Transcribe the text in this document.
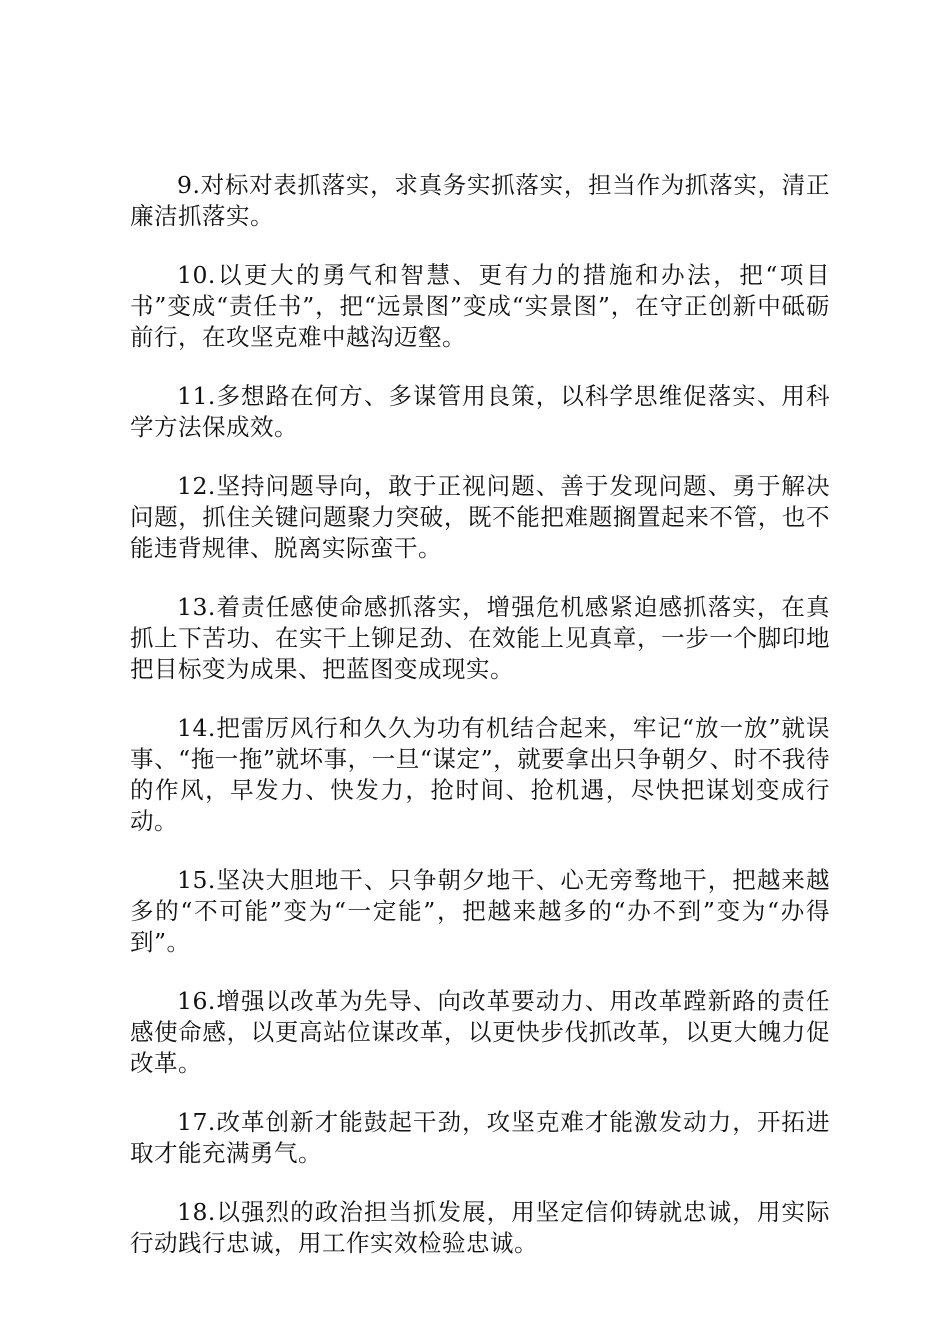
9.对标对表抓落实，求真务实抓落实，担当作为抓落实，清正廉洁抓落实。

10.以更大的勇气和智慧、更有力的措施和办法，把“项目书”变成“责任书”，把“远景图”变成“实景图”，在守正创新中砥砺前行，在攻坚克难中越沟迈壑。

11.多想路在何方、多谋管用良策，以科学思维促落实、用科学方法保成效。

12.坚持问题导向，敢于正视问题、善于发现问题、勇于解决问题，抓住关键问题聚力突破，既不能把难题搁置起来不管，也不能违背规律、脱离实际蛮干。

13.着责任感使命感抓落实，增强危机感紧迫感抓落实，在真抓上下苦功、在实干上铆足劲、在效能上见真章，一步一个脚印地把目标变为成果、把蓝图变成现实。

14.把雷厉风行和久久为功有机结合起来，牢记“放一放”就误事、“拖一拖”就坏事，一旦“谋定”，就要拿出只争朝夕、时不我待的作风，早发力、快发力，抢时间、抢机遇，尽快把谋划变成行动。

15.坚决大胆地干、只争朝夕地干、心无旁骛地干，把越来越多的“不可能”变为“一定能”，把越来越多的“办不到”变为“办得到”。

16.增强以改革为先导、向改革要动力、用改革蹚新路的责任感使命感，以更高站位谋改革，以更快步伐抓改革，以更大魄力促改革。

17.改革创新才能鼓起干劲，攻坚克难才能激发动力，开拓进取才能充满勇气。

18.以强烈的政治担当抓发展，用坚定信仰铸就忠诚，用实际行动践行忠诚，用工作实效检验忠诚。
